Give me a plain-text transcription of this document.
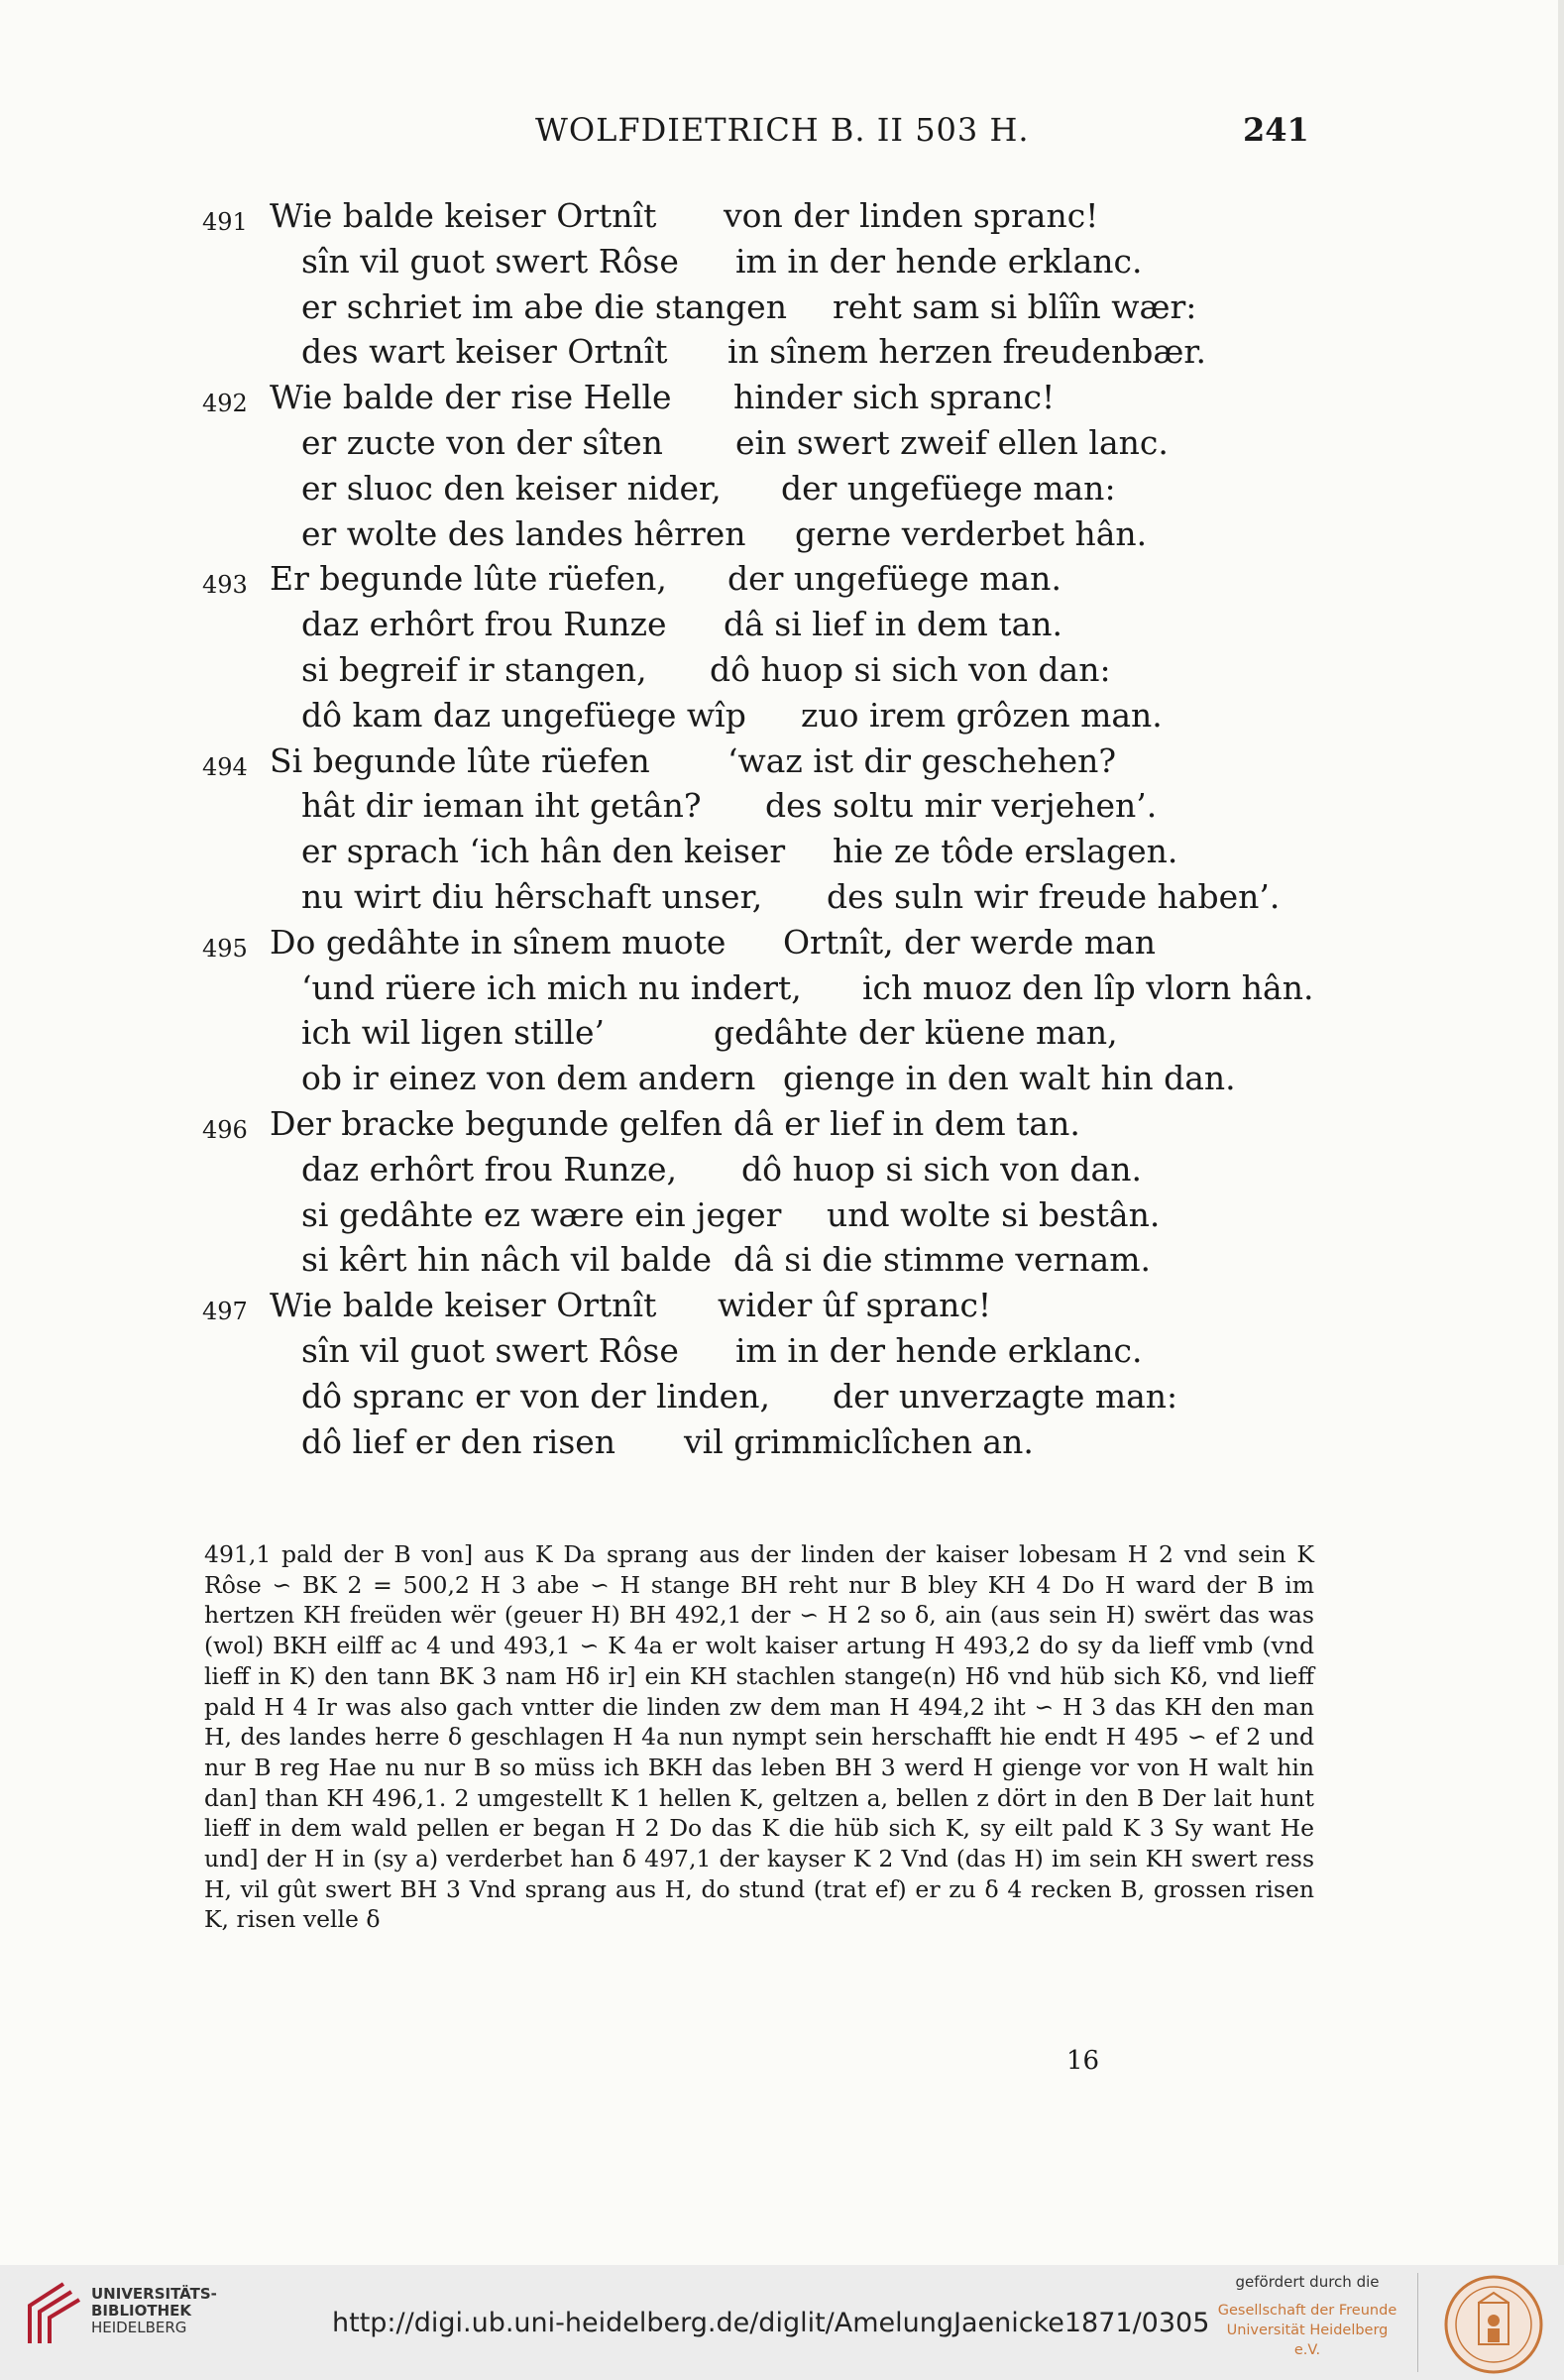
WOLFDIETRICH B. II 503 H.	241
491 Wie balde keiser Ortnît von der linden spranc!
sîn vil guot swert Rôse im in der hende erklanc.
er schriet im abe die stangen reht sam si blîîn wær:
des wart keiser Ortnît in sînem herzen freudenbær.
492 Wie balde der rise Helle hinder sich spranc!
er zucte von der sîten ein swert zweif ellen lanc.
er sluoc den keiser nider, der ungefüege man:
er wolte des landes hêrren gerne verderbet hân.
493 Er begunde lûte rüefen, der ungefüege man.
daz erhôrt frou Runze dâ si lief in dem tan.
si begreif ir stangen, dô huop si sich von dan:
dô kam daz ungefüege wîp zuo irem grôzen man.
494 Si begunde lûte rüefen ‘waz ist dir geschehen?
hât dir ieman iht getân? des soltu mir verjehen’.
er sprach ‘ich hân den keiser hie ze tôde erslagen.
nu wirt diu hêrschaft unser, des suln wir freude haben’.
495 Do gedâhte in sînem muote Ortnît, der werde man
‘und rüere ich mich nu indert, ich muoz den lîp vlorn hân.
ich wil ligen stille’	gedâhte der küene man,
ob ir einez von dem andern gienge in den walt hin dan.
496 Der bracke begunde gelfen dâ er lief in dem tan.
daz erhôrt frou Runze, dô huop si sich von dan.
si gedâhte ez wære ein jeger und wolte si bestân.
si kêrt hin nâch vil balde dâ si die stimme vernam.
497 Wie balde keiser Ortnît wider ûf spranc!
sîn vil guot swert Rôse im in der hende erklanc.
dô spranc er von der linden, der unverzagte man:
dô lief er den risen vil grimmiclîchen an.

491,1 pald der B von] aus K Da sprang aus der linden der kaiser lobesam H 2 vnd sein K Rôse ∽ BK 2 = 500,2 H 3 abe ∽ H stange BH reht nur B bley KH 4 Do H ward der B im hertzen KH freüden wër (geuer H) BH 492,1 der ∽ H 2 so δ, ain (aus sein H) swërt das was (wol) BKH eilff ac 4 und 493,1 ∽ K 4a er wolt kaiser artung H 493,2 do sy da lieff vmb (vnd lieff in K) den tann BK 3 nam Hδ ir] ein KH stachlen stange(n) Hδ vnd hüb sich Kδ, vnd lieff pald H 4 Ir was also gach vntter die linden zw dem man H 494,2 iht ∽ H 3 das KH den man H, des landes herre δ geschlagen H 4a nun nympt sein herschafft hie endt H 495 ∽ ef 2 und nur B reg Hae nu nur B so müss ich BKH das leben BH 3 werd H gienge vor von H walt hin dan] than KH 496,1. 2 umgestellt K 1 hellen K, geltzen a, bellen z dört in den B Der lait hunt lieff in dem wald pellen er began H 2 Do das K die hüb sich K, sy eilt pald K 3 Sy want He und] der H in (sy a) verderbet han δ 497,1 der kayser K 2 Vnd (das H) im sein KH swert ress H, vil gût swert BH 3 Vnd sprang aus H, do stund (trat ef) er zu δ 4 recken B, grossen risen K, risen velle δ

16
UNIVERSITÄTS-
BIBLIOTHEK
HEIDELBERG	http://digi.ub.uni-heidelberg.de/diglit/AmelungJaenicke1871/0305
gefördert durch die
Gesellschaft der Freunde
Universität Heidelberg e.V.
